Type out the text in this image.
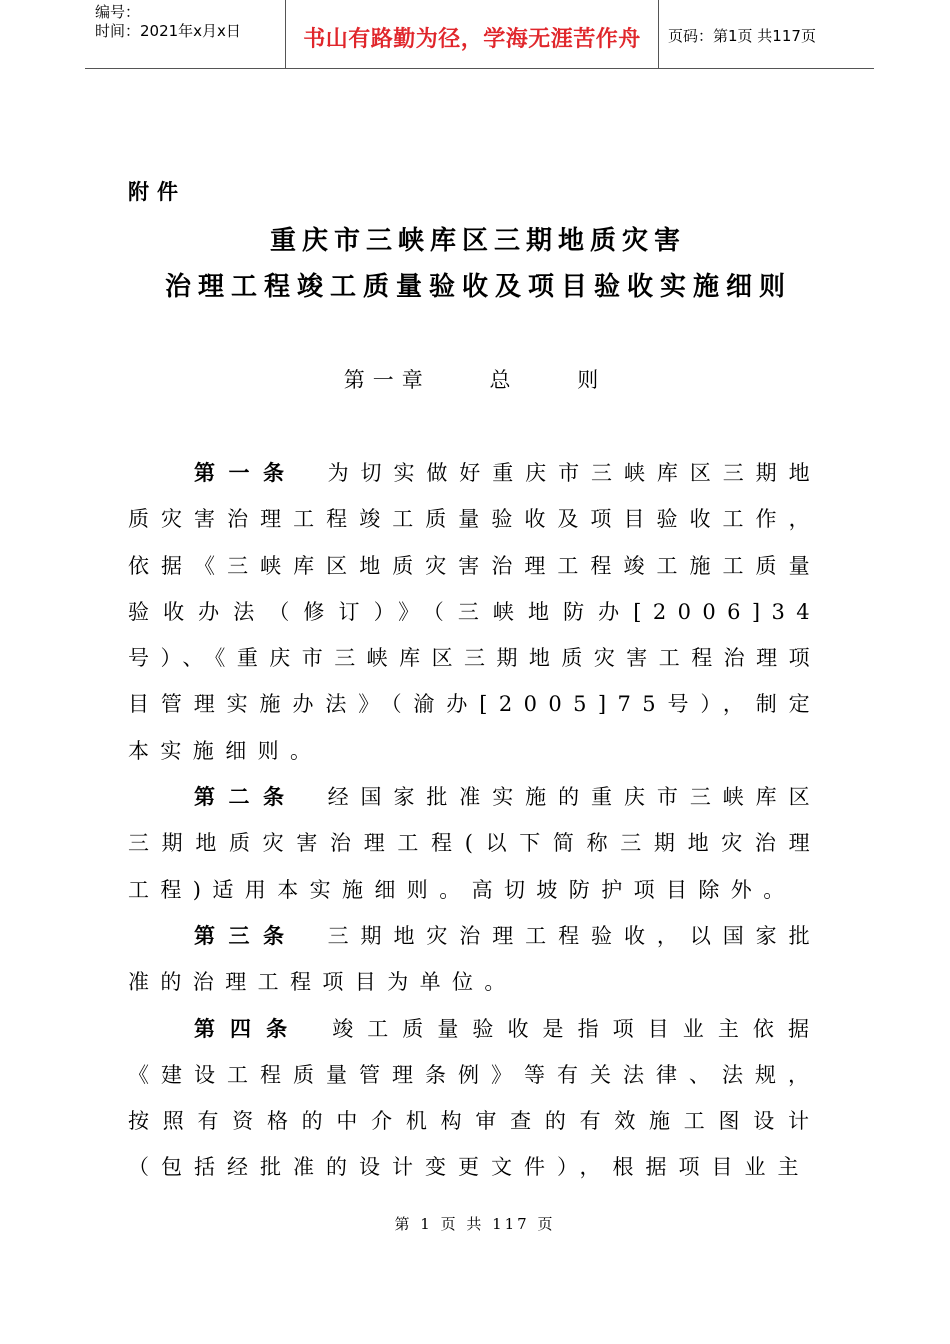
编号：
时间：2021年x月x日	书山有路勤为径，学海无涯苦作舟	页码：第1页 共117页
附件
重庆市三峡库区三期地质灾害
治理工程竣工质量验收及项目验收实施细则
第一章    总    则

第一条 为切实做好重庆市三峡库区三期地质灾害治理工程竣工质量验收及项目验收工作，依据《三峡库区地质灾害治理工程竣工施工质量验收办法（修订）》（三峡地防办[2006]34号）、《重庆市三峡库区三期地质灾害工程治理项目管理实施办法》（渝办[2005]75号），制定本实施细则。

第二条 经国家批准实施的重庆市三峡库区三期地质灾害治理工程(以下简称三期地灾治理工程)适用本实施细则。高切坡防护项目除外。

第三条 三期地灾治理工程验收，以国家批准的治理工程项目为单位。

第四条 竣工质量验收是指项目业主依据《建设工程质量管理条例》等有关法律、法规，按照有资格的中介机构审查的有效施工图设计（包括经批准的设计变更文件），根据项目业主

第 1 页 共 117 页
